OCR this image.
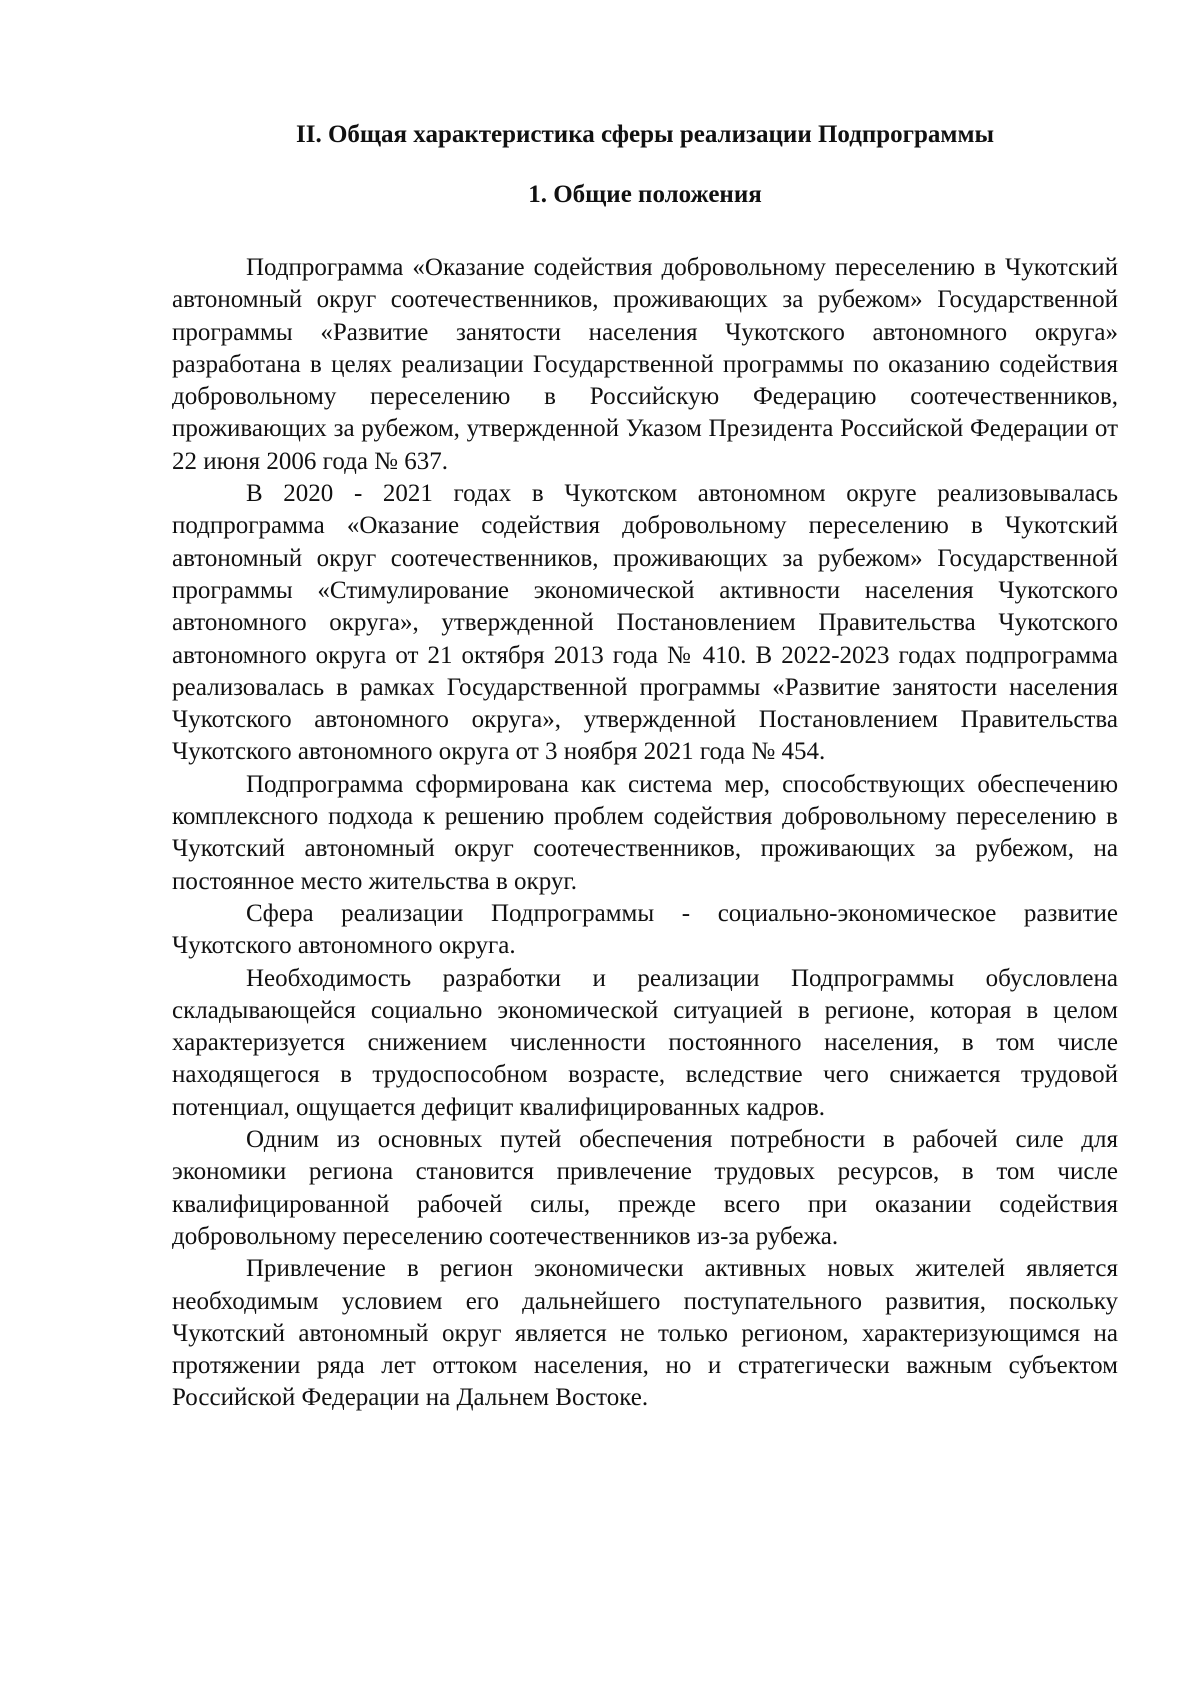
II. Общая характеристика сферы реализации Подпрограммы
1. Общие положения

Подпрограмма «Оказание содействия добровольному переселению в Чукотский автономный округ соотечественников, проживающих за рубежом» Государственной программы «Развитие занятости населения Чукотского автономного округа» разработана в целях реализации Государственной программы по оказанию содействия добровольному переселению в Российскую Федерацию соотечественников, проживающих за рубежом, утвержденной Указом Президента Российской Федерации от 22 июня 2006 года № 637.

В 2020 - 2021 годах в Чукотском автономном округе реализовывалась подпрограмма «Оказание содействия добровольному переселению в Чукотский автономный округ соотечественников, проживающих за рубежом» Государственной программы «Стимулирование экономической активности населения Чукотского автономного округа», утвержденной Постановлением Правительства Чукотского автономного округа от 21 октября 2013 года № 410. В 2022-2023 годах подпрограмма реализовалась в рамках Государственной программы «Развитие занятости населения Чукотского автономного округа», утвержденной Постановлением Правительства Чукотского автономного округа от 3 ноября 2021 года № 454.

Подпрограмма сформирована как система мер, способствующих обеспечению комплексного подхода к решению проблем содействия добровольному переселению в Чукотский автономный округ соотечественников, проживающих за рубежом, на постоянное место жительства в округ.

Сфера реализации Подпрограммы - социально-экономическое развитие Чукотского автономного округа.

Необходимость разработки и реализации Подпрограммы обусловлена складывающейся социально экономической ситуацией в регионе, которая в целом характеризуется снижением численности постоянного населения, в том числе находящегося в трудоспособном возрасте, вследствие чего снижается трудовой потенциал, ощущается дефицит квалифицированных кадров.

Одним из основных путей обеспечения потребности в рабочей силе для экономики региона становится привлечение трудовых ресурсов, в том числе квалифицированной рабочей силы, прежде всего при оказании содействия добровольному переселению соотечественников из-за рубежа.

Привлечение в регион экономически активных новых жителей является необходимым условием его дальнейшего поступательного развития, поскольку Чукотский автономный округ является не только регионом, характеризующимся на протяжении ряда лет оттоком населения, но и стратегически важным субъектом Российской Федерации на Дальнем Востоке.
